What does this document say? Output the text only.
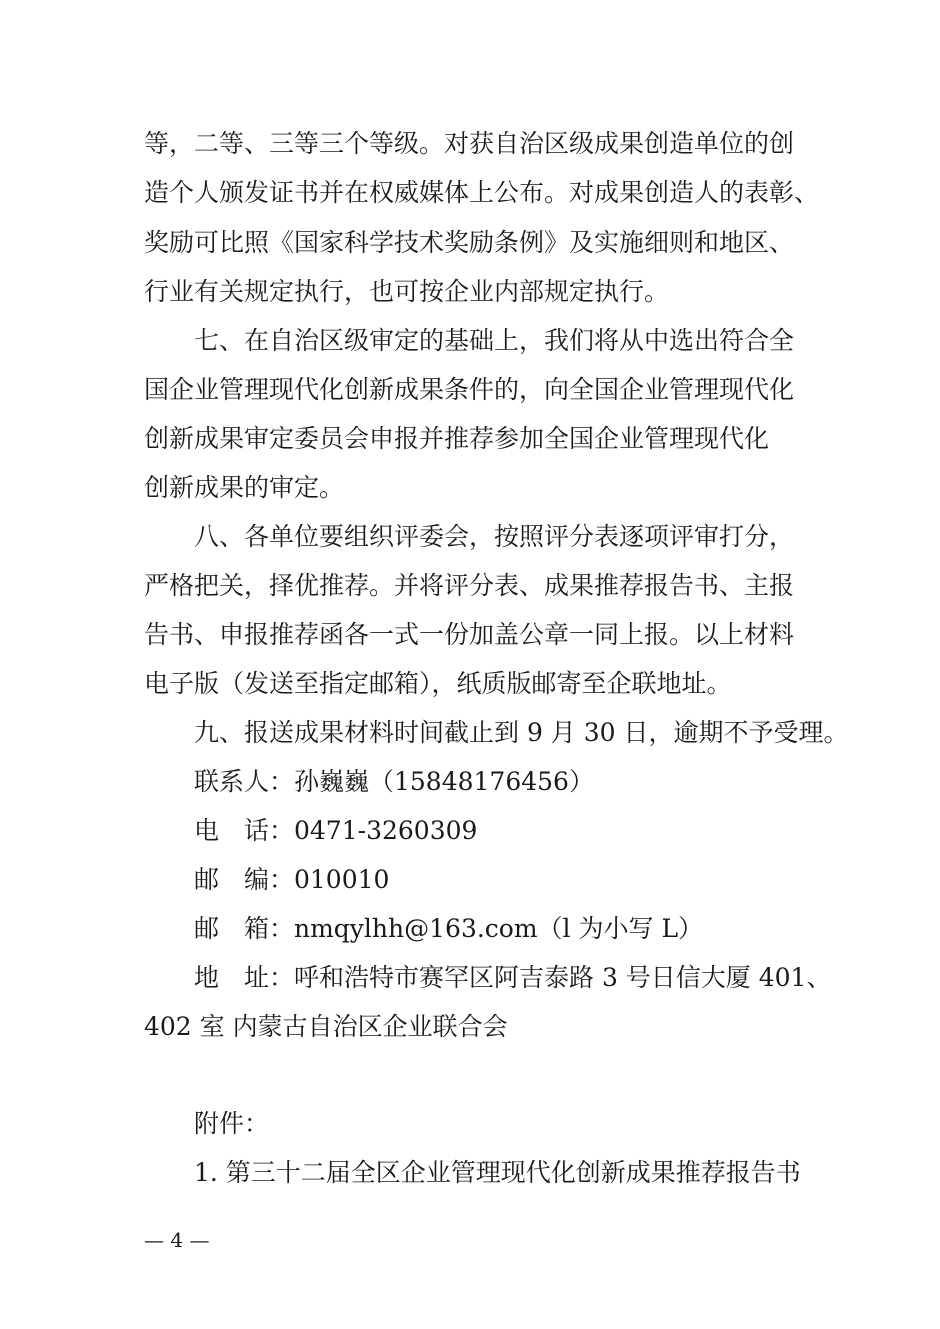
等，二等、三等三个等级。对获自治区级成果创造单位的创
造个人颁发证书并在权威媒体上公布。对成果创造人的表彰、
奖励可比照《国家科学技术奖励条例》及实施细则和地区、
行业有关规定执行，也可按企业内部规定执行。
七、在自治区级审定的基础上，我们将从中选出符合全
国企业管理现代化创新成果条件的，向全国企业管理现代化
创新成果审定委员会申报并推荐参加全国企业管理现代化
创新成果的审定。
八、各单位要组织评委会，按照评分表逐项评审打分，
严格把关，择优推荐。并将评分表、成果推荐报告书、主报
告书、申报推荐函各一式一份加盖公章一同上报。以上材料
电子版（发送至指定邮箱），纸质版邮寄至企联地址。
九、报送成果材料时间截止到 9 月 30 日，逾期不予受理。
联系人：孙巍巍（15848176456）
电　话：0471-3260309
邮　编：010010
邮　箱：nmqylhh@163.com（l 为小写 L）
地　址：呼和浩特市赛罕区阿吉泰路 3 号日信大厦 401、
402 室 内蒙古自治区企业联合会
附件：
1. 第三十二届全区企业管理现代化创新成果推荐报告书
— 4 —
